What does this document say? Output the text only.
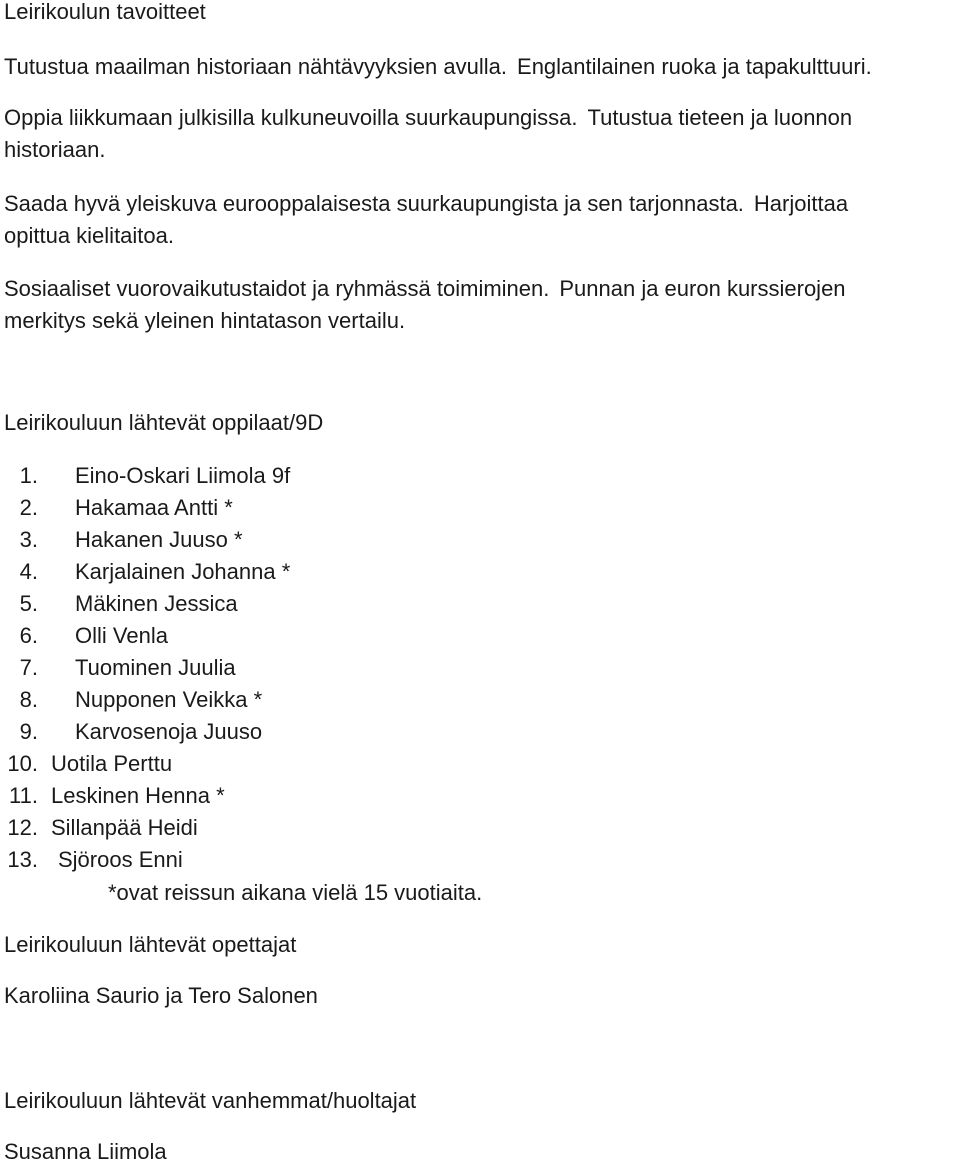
Leirikoulun tavoitteet

Tutustua maailman historiaan nähtävyyksien avulla. Englantilainen ruoka ja tapakulttuuri.

Oppia liikkumaan julkisilla kulkuneuvoilla suurkaupungissa. Tutustua tieteen ja luonnon
historiaan.

Saada hyvä yleiskuva eurooppalaisesta suurkaupungista ja sen tarjonnasta. Harjoittaa
opittua kielitaitoa.

Sosiaaliset vuorovaikutustaidot ja ryhmässä toimiminen. Punnan ja euron kurssierojen
merkitys sekä yleinen hintatason vertailu.

Leirikouluun lähtevät oppilaat/9D
1. Eino-Oskari Liimola 9f
2. Hakamaa Antti *
3. Hakanen Juuso *
4. Karjalainen Johanna *
5. Mäkinen Jessica
6. Olli Venla
7. Tuominen Juulia
8. Nupponen Veikka *
9. Karvosenoja Juuso
10. Uotila Perttu
11. Leskinen Henna *
12. Sillanpää Heidi
13. Sjöroos Enni
*ovat reissun aikana vielä 15 vuotiaita.
Leirikouluun lähtevät opettajat

Karoliina Saurio ja Tero Salonen

Leirikouluun lähtevät vanhemmat/huoltajat

Susanna Liimola
